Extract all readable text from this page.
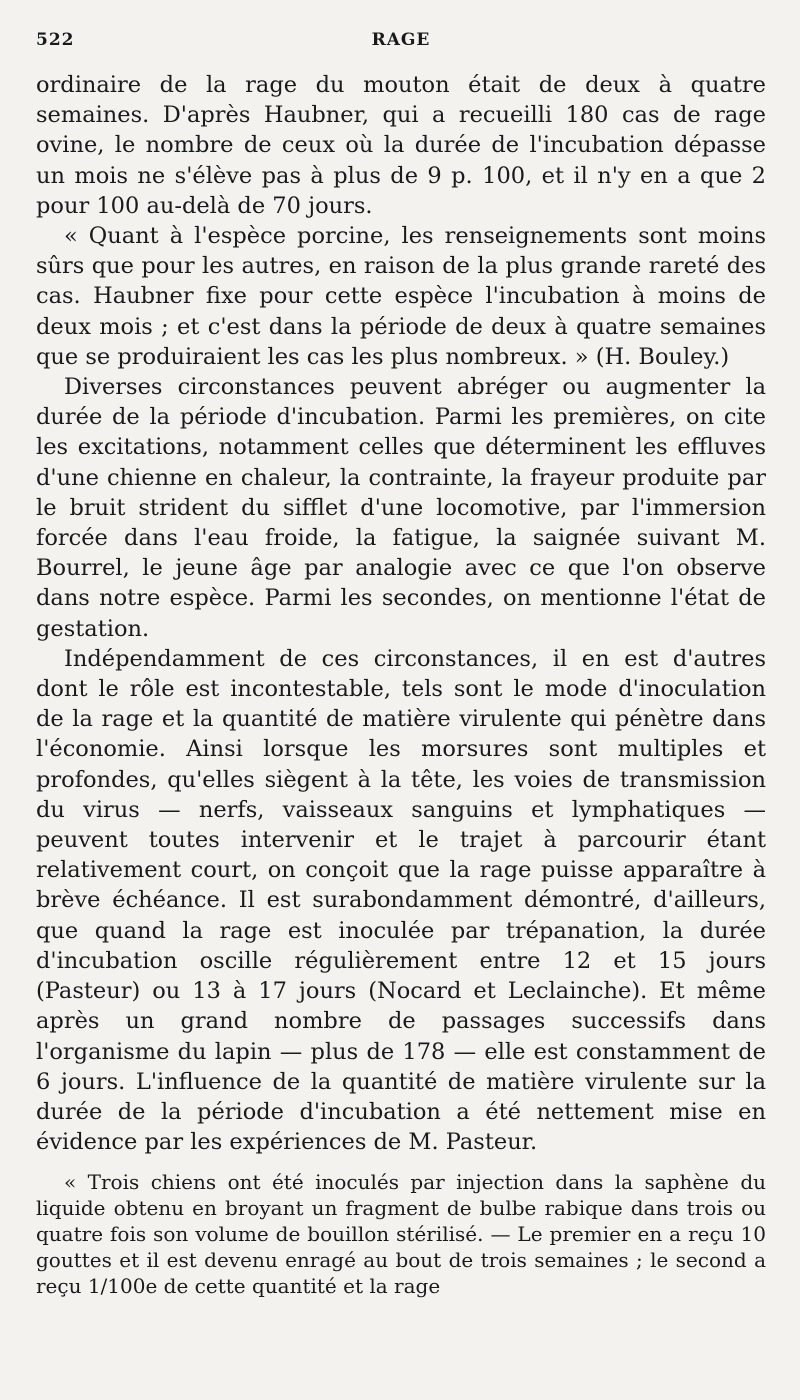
522	RAGE

ordinaire de la rage du mouton était de deux à quatre semaines. D'après Haubner, qui a recueilli 180 cas de rage ovine, le nombre de ceux où la durée de l'incubation dépasse un mois ne s'élève pas à plus de 9 p. 100, et il n'y en a que 2 pour 100 au-delà de 70 jours.

« Quant à l'espèce porcine, les renseignements sont moins sûrs que pour les autres, en raison de la plus grande rareté des cas. Haubner fixe pour cette espèce l'incubation à moins de deux mois ; et c'est dans la période de deux à quatre semaines que se produiraient les cas les plus nombreux. » (H. Bouley.)

Diverses circonstances peuvent abréger ou augmenter la durée de la période d'incubation. Parmi les premières, on cite les excitations, notamment celles que déterminent les effluves d'une chienne en chaleur, la contrainte, la frayeur produite par le bruit strident du sifflet d'une locomotive, par l'immersion forcée dans l'eau froide, la fatigue, la saignée suivant M. Bourrel, le jeune âge par analogie avec ce que l'on observe dans notre espèce. Parmi les secondes, on mentionne l'état de gestation.

Indépendamment de ces circonstances, il en est d'autres dont le rôle est incontestable, tels sont le mode d'inoculation de la rage et la quantité de matière virulente qui pénètre dans l'économie. Ainsi lorsque les morsures sont multiples et profondes, qu'elles siègent à la tête, les voies de transmission du virus — nerfs, vaisseaux sanguins et lymphatiques — peuvent toutes intervenir et le trajet à parcourir étant relativement court, on conçoit que la rage puisse apparaître à brève échéance. Il est surabondamment démontré, d'ailleurs, que quand la rage est inoculée par trépanation, la durée d'incubation oscille régulièrement entre 12 et 15 jours (Pasteur) ou 13 à 17 jours (Nocard et Leclainche). Et même après un grand nombre de passages successifs dans l'organisme du lapin — plus de 178 — elle est constamment de 6 jours. L'influence de la quantité de matière virulente sur la durée de la période d'incubation a été nettement mise en évidence par les expériences de M. Pasteur.

« Trois chiens ont été inoculés par injection dans la saphène du liquide obtenu en broyant un fragment de bulbe rabique dans trois ou quatre fois son volume de bouillon stérilisé. — Le premier en a reçu 10 gouttes et il est devenu enragé au bout de trois semaines ; le second a reçu 1/100e de cette quantité et la rage
